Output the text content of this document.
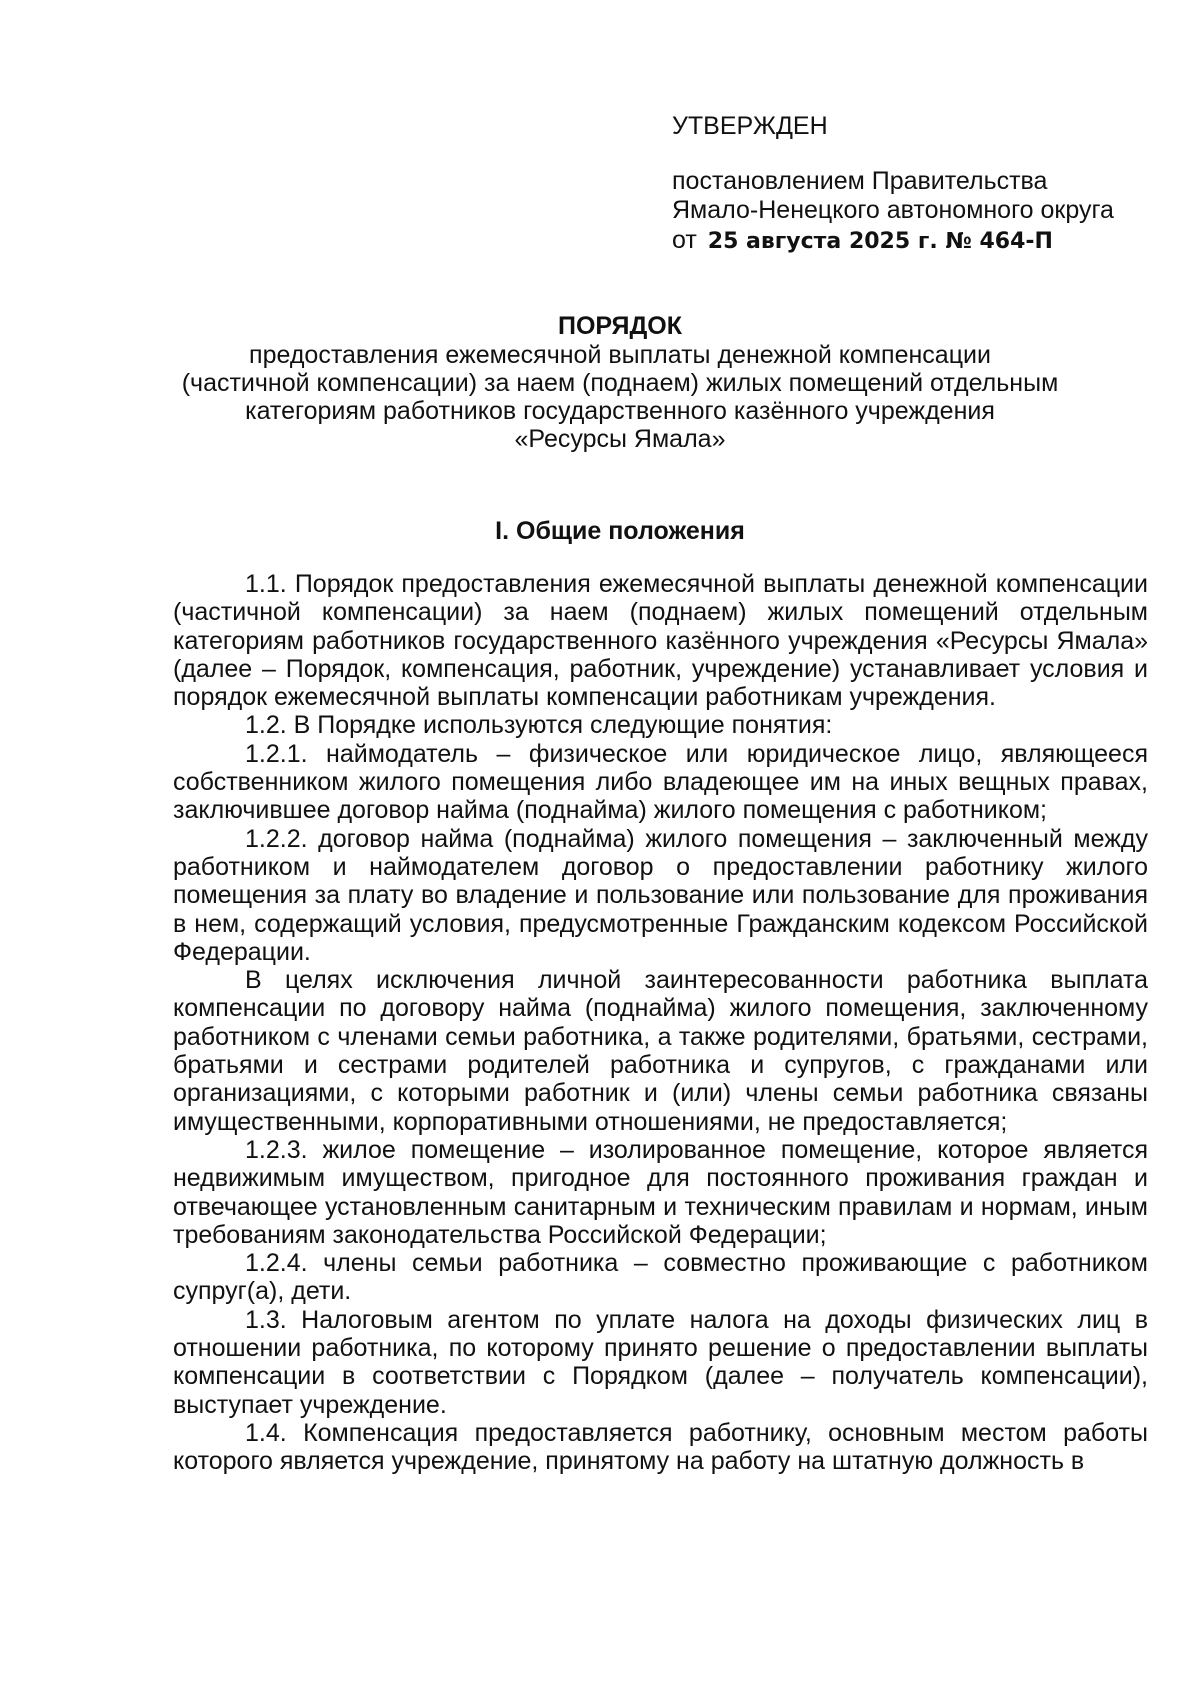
УТВЕРЖДЕН

постановлением Правительства

Ямало-Ненецкого автономного округа

от 25 августа 2025 г. № 464-П

ПОРЯДОК

предоставления ежемесячной выплаты денежной компенсации

(частичной компенсации) за наем (поднаем) жилых помещений отдельным

категориям работников государственного казённого учреждения

«Ресурсы Ямала»

I. Общие положения

1.1. Порядок предоставления ежемесячной выплаты денежной компенсации (частичной компенсации) за наем (поднаем) жилых помещений отдельным категориям работников государственного казённого учреждения «Ресурсы Ямала» (далее – Порядок, компенсация, работник, учреждение) устанавливает условия и порядок ежемесячной выплаты компенсации работникам учреждения.

1.2. В Порядке используются следующие понятия:

1.2.1. наймодатель – физическое или юридическое лицо, являющееся собственником жилого помещения либо владеющее им на иных вещных правах, заключившее договор найма (поднайма) жилого помещения с работником;

1.2.2. договор найма (поднайма) жилого помещения – заключенный между работником и наймодателем договор о предоставлении работнику жилого помещения за плату во владение и пользование или пользование для проживания в нем, содержащий условия, предусмотренные Гражданским кодексом Российской Федерации.

В целях исключения личной заинтересованности работника выплата компенсации по договору найма (поднайма) жилого помещения, заключенному работником с членами семьи работника, а также родителями, братьями, сестрами, братьями и сестрами родителей работника и супругов, с гражданами или организациями, с которыми работник и (или) члены семьи работника связаны имущественными, корпоративными отношениями, не предоставляется;

1.2.3. жилое помещение – изолированное помещение, которое является недвижимым имуществом, пригодное для постоянного проживания граждан и отвечающее установленным санитарным и техническим правилам и нормам, иным требованиям законодательства Российской Федерации;

1.2.4. члены семьи работника – совместно проживающие с работником супруг(а), дети.

1.3. Налоговым агентом по уплате налога на доходы физических лиц в отношении работника, по которому принято решение о предоставлении выплаты компенсации в соответствии с Порядком (далее – получатель компенсации), выступает учреждение.

1.4. Компенсация предоставляется работнику, основным местом работы которого является учреждение, принятому на работу на штатную должность в
